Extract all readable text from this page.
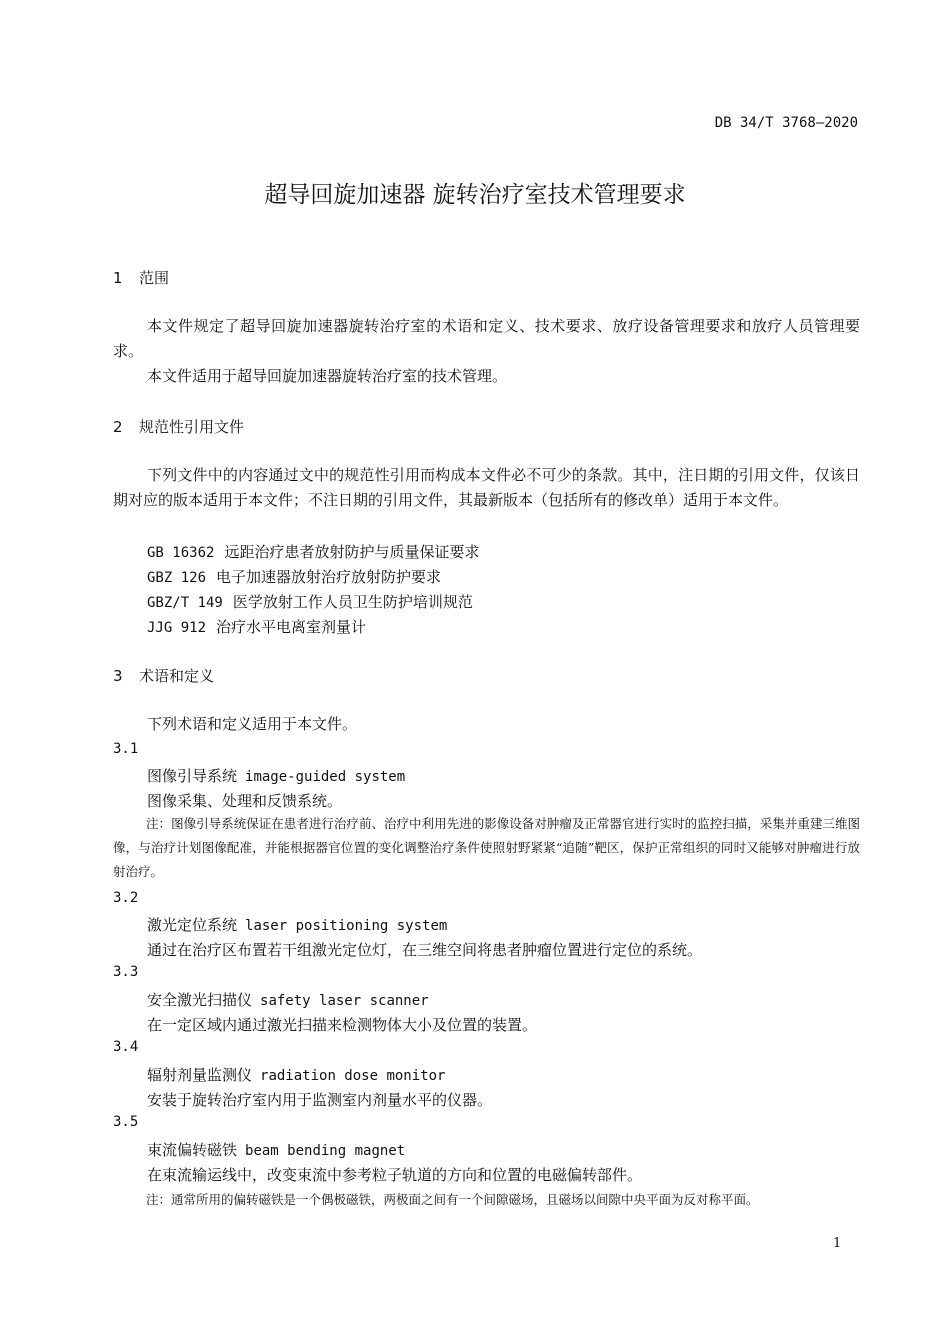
DB 34/T 3768—2020
超导回旋加速器 旋转治疗室技术管理要求
1 范围
本文件规定了超导回旋加速器旋转治疗室的术语和定义、技术要求、放疗设备管理要求和放疗人员管理要求。
本文件适用于超导回旋加速器旋转治疗室的技术管理。
2 规范性引用文件
下列文件中的内容通过文中的规范性引用而构成本文件必不可少的条款。其中，注日期的引用文件，仅该日期对应的版本适用于本文件；不注日期的引用文件，其最新版本（包括所有的修改单）适用于本文件。
GB 16362 远距治疗患者放射防护与质量保证要求
GBZ 126 电子加速器放射治疗放射防护要求
GBZ/T 149 医学放射工作人员卫生防护培训规范
JJG 912 治疗水平电离室剂量计
3 术语和定义
下列术语和定义适用于本文件。
3.1
图像引导系统 image-guided system
图像采集、处理和反馈系统。
注：图像引导系统保证在患者进行治疗前、治疗中利用先进的影像设备对肿瘤及正常器官进行实时的监控扫描，采集并重建三维图像，与治疗计划图像配准，并能根据器官位置的变化调整治疗条件使照射野紧紧“追随”靶区，保护正常组织的同时又能够对肿瘤进行放射治疗。
3.2
激光定位系统 laser positioning system
通过在治疗区布置若干组激光定位灯，在三维空间将患者肿瘤位置进行定位的系统。
3.3
安全激光扫描仪 safety laser scanner
在一定区域内通过激光扫描来检测物体大小及位置的装置。
3.4
辐射剂量监测仪 radiation dose monitor
安装于旋转治疗室内用于监测室内剂量水平的仪器。
3.5
束流偏转磁铁 beam bending magnet
在束流输运线中，改变束流中参考粒子轨道的方向和位置的电磁偏转部件。
注：通常所用的偏转磁铁是一个偶极磁铁，两极面之间有一个间隙磁场，且磁场以间隙中央平面为反对称平面。
1
